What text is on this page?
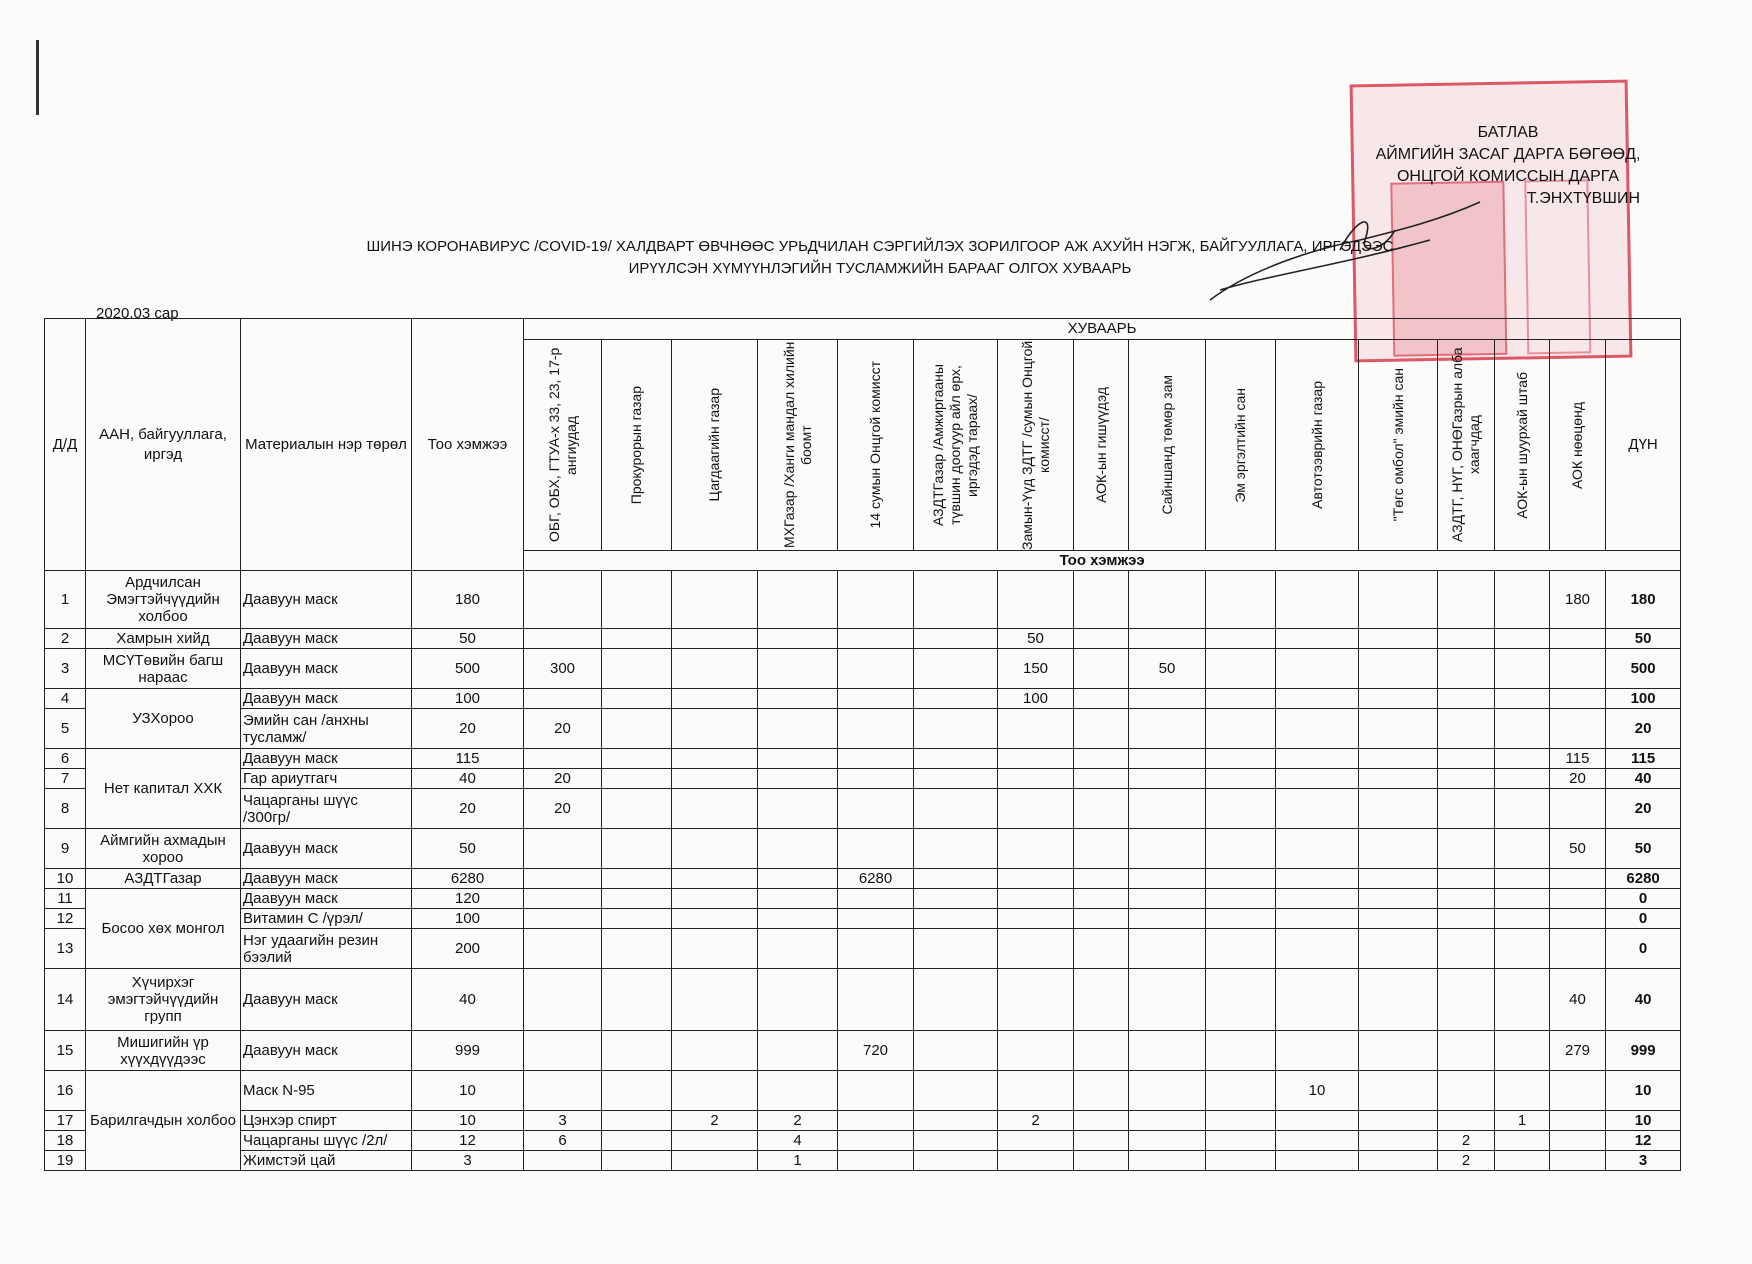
БАТЛАВ
АЙМГИЙН ЗАСАГ ДАРГА БӨГӨӨД,
ОНЦГОЙ КОМИССЫН ДАРГА
Т.ЭНХТҮВШИН
ШИНЭ КОРОНАВИРУС /COVID-19/ ХАЛДВАРТ ӨВЧНӨӨС УРЬДЧИЛАН СЭРГИЙЛЭХ ЗОРИЛГООР АЖ АХУЙН НЭГЖ, БАЙГУУЛЛАГА, ИРГЭДЭЭС
ИРҮҮЛСЭН ХҮМҮҮНЛЭГИЙН ТУСЛАМЖИЙН БАРААГ ОЛГОХ ХУВААРЬ
2020.03 сар
Д/Д	ААН, байгууллага, иргэд	Материалын нэр төрөл	Тоо хэмжээ	ХУВААРЬ															

				ОБГ, ОБХ, ГТУА-х 33, 23, 17-р ангиудад	Прокурорын газар	Цагдаагийн газар	МХГазар /Ханги мандал хилийн боомт	14 сумын Онцгой комисст	АЗДТГазар /Амжиргааны түвшин доогуур айл өрх, иргэдэд тараах/	Замын-Үүд ЗДТГ /сумын Онцгой комисст/	АОК-ын гишүүдэд	Сайншанд төмөр зам	Эм эргэлтийн сан	Автотээврийн газар	"Төгс омбол" эмийн сан	АЗДТГ, НҮГ, ОНӨГазрын алба хаагчдад	АОК-ын шуурхай штаб	АОК нөөцөнд	ДҮН
				Тоо хэмжээ															
1	Ардчилсан Эмэгтэйчүүдийн холбоо	Даавуун маск	180															180	180
2	Хамрын хийд	Даавуун маск	50							50									50
3	МСҮТөвийн багш нараас	Даавуун маск	500	300						150		50							500
4	УЗХороо	Даавуун маск	100							100									100
5		Эмийн сан /анхны тусламж/	20	20															20
6	Нет капитал ХХК	Даавуун маск	115															115	115
7		Гар ариутгагч	40	20														20	40
8		Чацарганы шүүс /300гр/	20	20															20
9	Аймгийн ахмадын хороо	Даавуун маск	50															50	50
10	АЗДТГазар	Даавуун маск	6280					6280											6280
11	Босоо хөх монгол	Даавуун маск	120																0
12		Витамин С /үрэл/	100																0
13		Нэг удаагийн резин бээлий	200																0
14	Хүчирхэг эмэгтэйчүүдийн групп	Даавуун маск	40															40	40
15	Мишигийн үр хүүхдүүдээс	Даавуун маск	999					720										279	999
16	Барилгачдын холбоо	Маск N-95	10											10					10
17		Цэнхэр спирт	10	3		2	2			2							1		10
18		Чацарганы шүүс /2л/	12	6			4									2			12
19		Жимстэй цай	3				1									2			3
